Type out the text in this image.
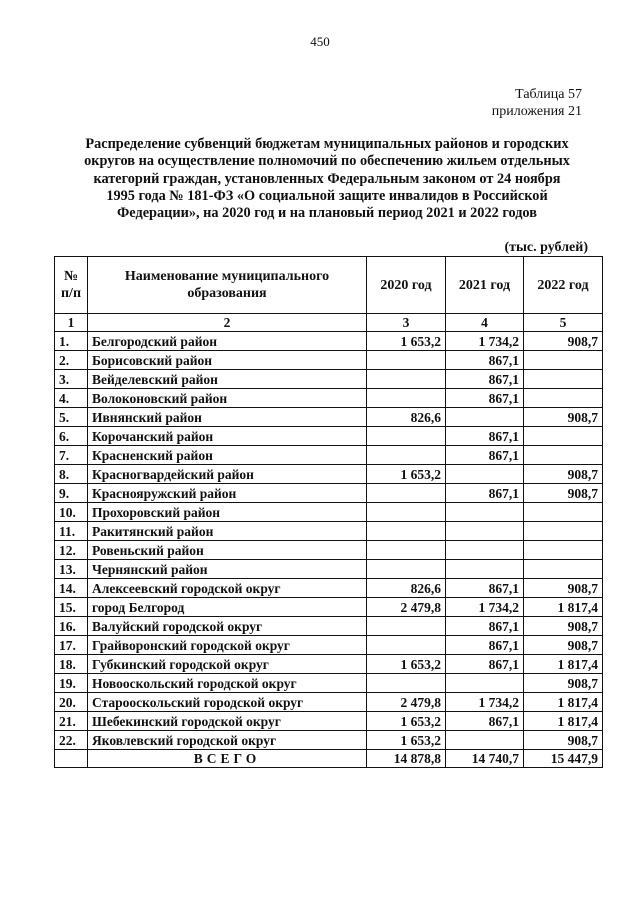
450
Таблица 57
приложения 21
Распределение субвенций бюджетам муниципальных районов и городских
округов на осуществление полномочий по обеспечению жильем отдельных
категорий граждан, установленных Федеральным законом от 24 ноября
1995 года № 181-ФЗ «О социальной защите инвалидов в Российской
Федерации», на 2020 год и на плановый период 2021 и 2022 годов
(тыс. рублей)
№ п/п	Наименование муниципального образования	2020 год	2021 год	2022 год
1	2	3	4	5
1.	Белгородский район	1 653,2	1 734,2	908,7
2.	Борисовский район		867,1	
3.	Вейделевский район		867,1	
4.	Волоконовский район		867,1	
5.	Ивнянский район	826,6		908,7
6.	Корочанский район		867,1	
7.	Красненский район		867,1	
8.	Красногвардейский район	1 653,2		908,7
9.	Краснояружский район		867,1	908,7
10.	Прохоровский район			
11.	Ракитянский район			
12.	Ровеньский район			
13.	Чернянский район			
14.	Алексеевский городской округ	826,6	867,1	908,7
15.	город Белгород	2 479,8	1 734,2	1 817,4
16.	Валуйский городской округ		867,1	908,7
17.	Грайворонский городской округ		867,1	908,7
18.	Губкинский городской округ	1 653,2	867,1	1 817,4
19.	Новооскольский городской округ			908,7
20.	Старооскольский городской округ	2 479,8	1 734,2	1 817,4
21.	Шебекинский городской округ	1 653,2	867,1	1 817,4
22.	Яковлевский городской округ	1 653,2		908,7
	ВСЕГО	14 878,8	14 740,7	15 447,9
